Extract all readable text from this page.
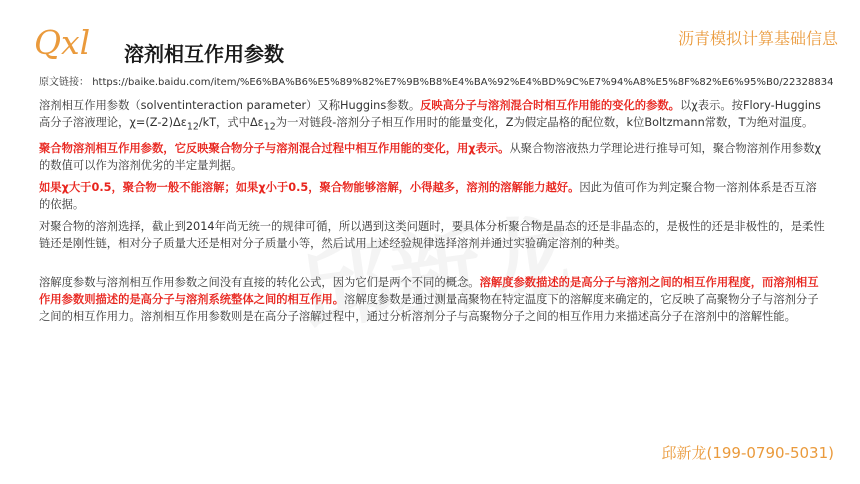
Qxl 溶剂相互作用参数
沥青模拟计算基础信息
原文链接： https://baike.baidu.com/item/%E6%BA%B6%E5%89%82%E7%9B%B8%E4%BA%92%E4%BD%9C%E7%94%A8%E5%8F%82%E6%95%B0/22328834

溶剂相互作用参数（solventinteraction parameter）又称Huggins参数。反映高分子与溶剂混合时相互作用能的变化的参数。以χ表示。按Flory-Huggins高分子溶液理论，$\chi=(Z-2)\Delta\varepsilon_{12}/kT$，式中$\Delta\varepsilon_{12}$为一对链段-溶剂分子相互作用时的能量变化，Z为假定晶格的配位数，k位Boltzmann常数，T为绝对温度。

聚合物溶剂相互作用参数，它反映聚合物分子与溶剂混合过程中相互作用能的变化，用χ表示。从聚合物溶液热力学理论进行推导可知，聚合物溶剂作用参数χ的数值可以作为溶剂优劣的半定量判据。

如果χ大于0.5，聚合物一般不能溶解；如果χ小于0.5，聚合物能够溶解，小得越多，溶剂的溶解能力越好。因此为值可作为判定聚合物一溶剂体系是否互溶的依据。

对聚合物的溶剂选择，截止到2014年尚无统一的规律可循，所以遇到这类问题时，要具体分析聚合物是晶态的还是非晶态的，是极性的还是非极性的，是柔性链还是刚性链，相对分子质量大还是相对分子质量小等，然后试用上述经验规律选择溶剂并通过实验确定溶剂的种类。

溶解度参数与溶剂相互作用参数之间没有直接的转化公式，因为它们是两个不同的概念。溶解度参数描述的是高分子与溶剂之间的相互作用程度，而溶剂相互作用参数则描述的是高分子与溶剂系统整体之间的相互作用。溶解度参数是通过测量高聚物在特定温度下的溶解度来确定的，它反映了高聚物分子与溶剂分子之间的相互作用力。溶剂相互作用参数则是在高分子溶解过程中，通过分析溶剂分子与高聚物分子之间的相互作用力来描述高分子在溶剂中的溶解性能。

邱新龙(199-0790-5031)
